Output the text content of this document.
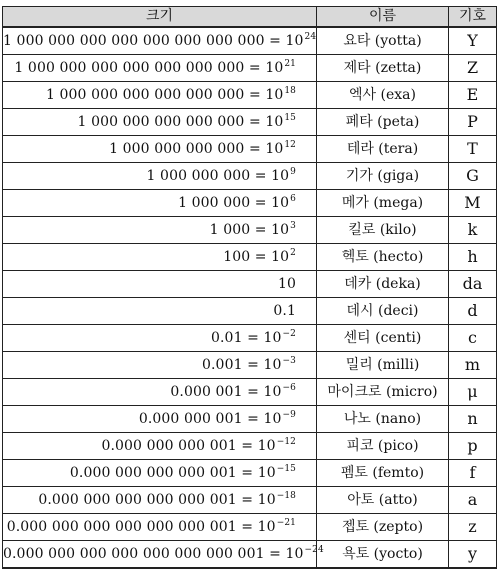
크기	이름	기호
1 000 000 000 000 000 000 000 $000 = 10^{24}$	요타 (yotta)	Y
1 000 000 000 000 000 000 $000 = 10^{21}$	제타 (zetta)	Z
1 000 000 000 000 000 $000 = 10^{18}$	엑사 (exa)	E
1 000 000 000 000 $000 = 10^{15}$	페타 (peta)	P
1 000 000 000 $000 = 10^{12}$	테라 (tera)	T
1 000 000 $000 = 10^9$	기가 (giga)	G
1 000 $000 = 10^6$	메가 (mega)	M
1 $000 = 10^3$	킬로 (kilo)	k
$100 = 10^2$	헥토 (hecto)	h
10	데카 (deka)	da
0.1	데시 (deci)	d
$0.01 = 10^{-2}$	센티 (centi)	c
$0.001 = 10^{-3}$	밀리 (milli)	m
0.000 $001 = 10^{-6}$	마이크로 (micro)	μ
0.000 000 $001 = 10^{-9}$	나노 (nano)	n
0.000 000 000 $001 = 10^{-12}$	피코 (pico)	p
0.000 000 000 000 $001 = 10^{-15}$	펨토 (femto)	f
0.000 000 000 000 000 $001 = 10^{-18}$	아토 (atto)	a
0.000 000 000 000 000 000 $001 = 10^{-21}$	젭토 (zepto)	z
0.000 000 000 000 000 000 000 $001 = 10^{-24}$	욕토 (yocto)	y
